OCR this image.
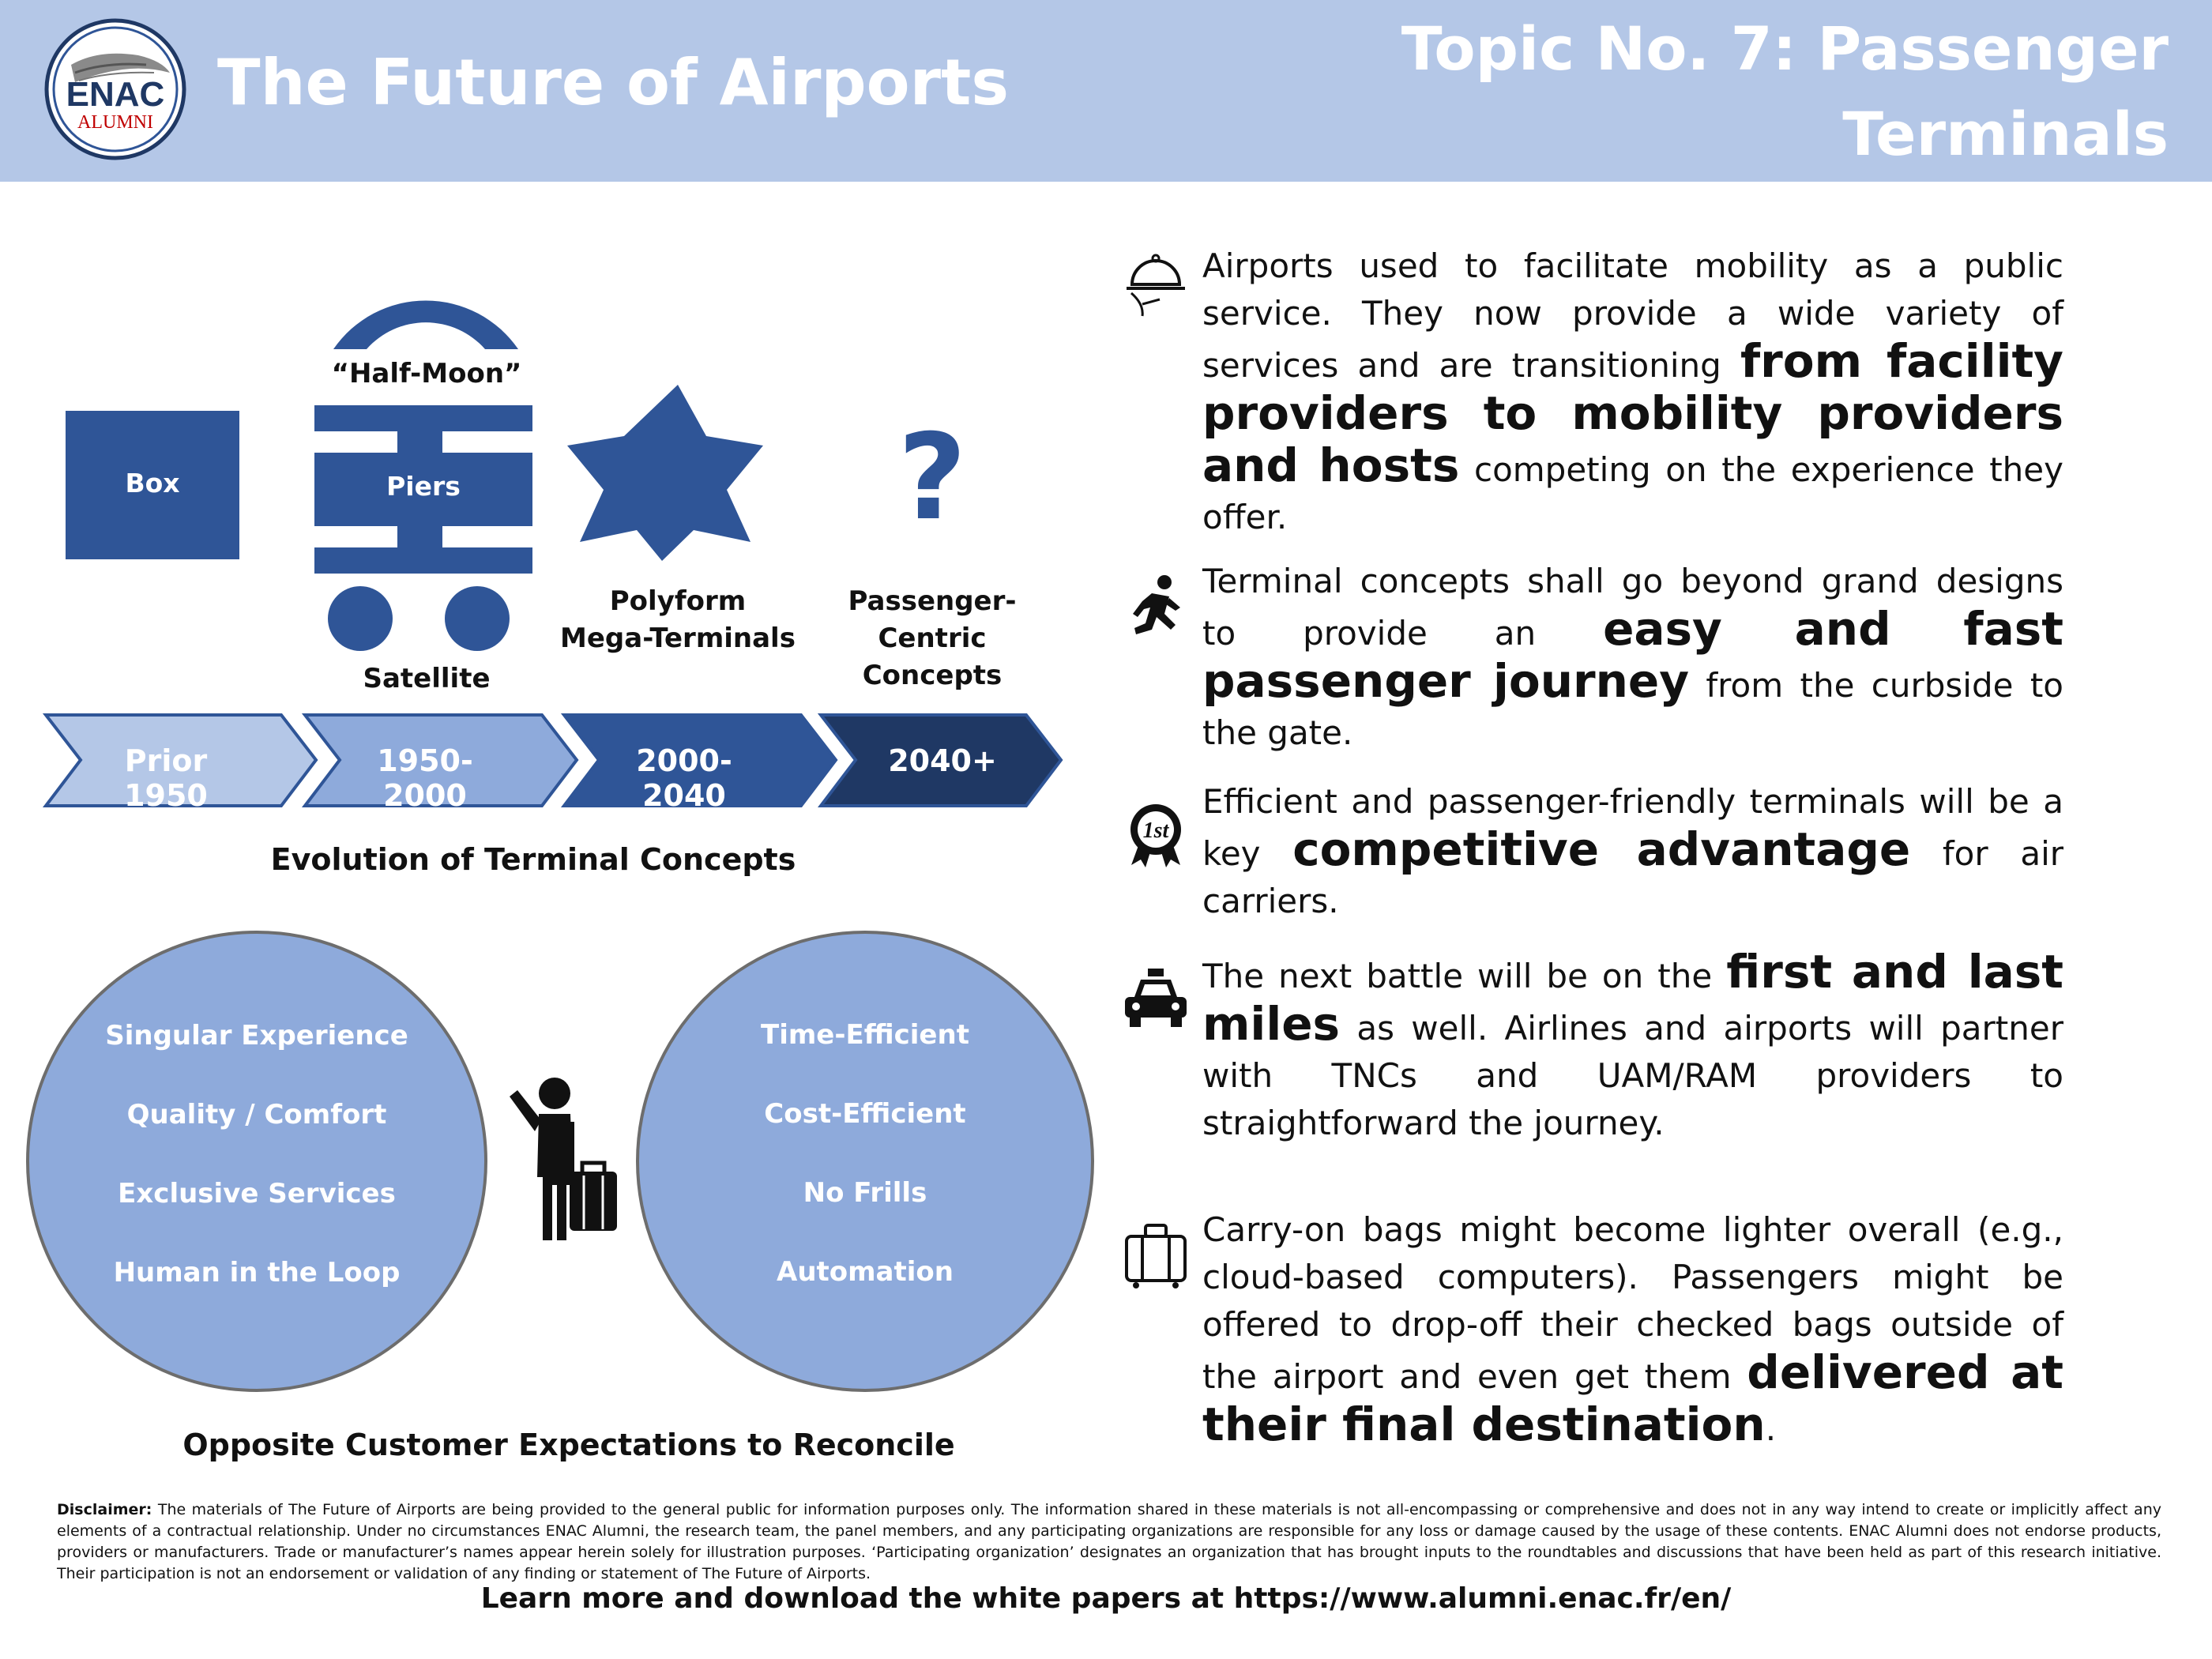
ENAC
ALUMNI
The Future of Airports	Topic No. 7: Passenger Terminals
and Customer Experience
Box
“Half-Moon”
Piers
Satellite
?
Polyform
Mega-Terminals
Passenger-Centric
Concepts
Prior 1950
1950-2000
2000-2040
2040+
Evolution of Terminal Concepts
Singular Experience
Quality / Comfort
Exclusive Services
Human in the Loop
Time-Efficient
Cost-Efficient
No Frills
Automation
Opposite Customer Expectations to Reconcile
Airports used to facilitate mobility as a public service. They now provide a wide variety of services and are transitioning from facility providers to mobility providers and hosts competing on the experience they offer.
Terminal concepts shall go beyond grand designs to provide an easy and fast passenger journey from the curbside to the gate.
1st
Efficient and passenger-friendly terminals will be a key competitive advantage for air carriers.
The next battle will be on the first and last miles as well. Airlines and airports will partner with TNCs and UAM/RAM providers to straightforward the journey.
Carry-on bags might become lighter overall (e.g., cloud-based computers). Passengers might be offered to drop-off their checked bags outside of the airport and even get them delivered at their final destination.
Disclaimer: The materials of The Future of Airports are being provided to the general public for information purposes only. The information shared in these materials is not all-encompassing or comprehensive and does not in any way intend to create or implicitly affect any elements of a contractual relationship. Under no circumstances ENAC Alumni, the research team, the panel members, and any participating organizations are responsible for any loss or damage caused by the usage of these contents. ENAC Alumni does not endorse products, providers or manufacturers. Trade or manufacturer’s names appear herein solely for illustration purposes. ‘Participating organization’ designates an organization that has brought inputs to the roundtables and discussions that have been held as part of this research initiative. Their participation is not an endorsement or validation of any finding or statement of The Future of Airports.
Learn more and download the white papers at https://www.alumni.enac.fr/en/
